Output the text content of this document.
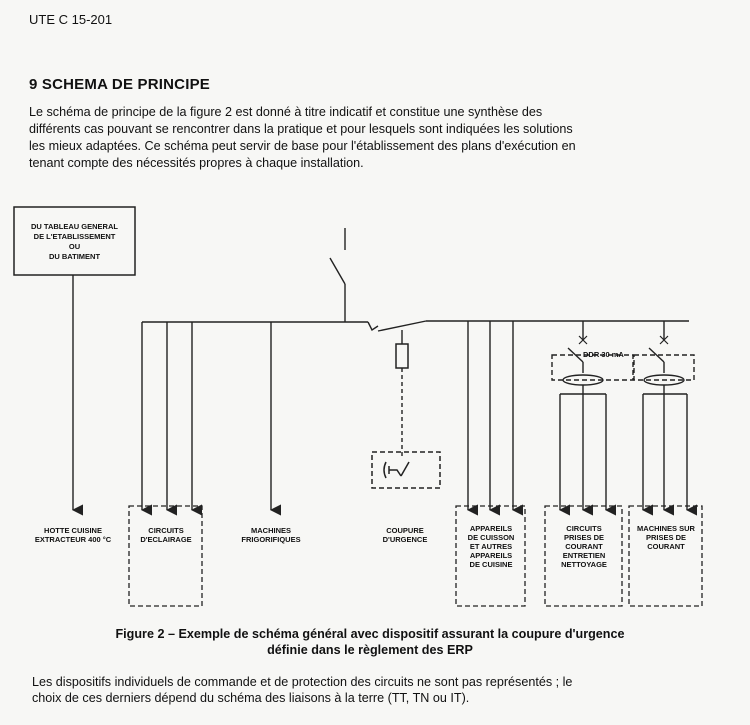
UTE C 15-201
9 SCHEMA DE PRINCIPE

Le schéma de principe de la figure 2 est donné à titre indicatif et constitue une synthèse des

différents cas pouvant se rencontrer dans la pratique et pour lesquels sont indiquées les solutions

les mieux adaptées. Ce schéma peut servir de base pour l'établissement des plans d'exécution en

tenant compte des nécessités propres à chaque installation.

DU TABLEAU GENERAL
DE L'ETABLISSEMENT
OU
DU BATIMENT
DDR 30 mA
HOTTE CUISINE
EXTRACTEUR 400 °C
CIRCUITS
D'ECLAIRAGE
MACHINES
FRIGORIFIQUES
COUPURE
D'URGENCE
APPAREILS
DE CUISSON
ET AUTRES
APPAREILS
DE CUISINE
CIRCUITS
PRISES DE
COURANT
ENTRETIEN
NETTOYAGE
MACHINES SUR
PRISES DE
COURANT
Figure 2 – Exemple de schéma général avec dispositif assurant la coupure d'urgence
définie dans le règlement des ERP
Les dispositifs individuels de commande et de protection des circuits ne sont pas représentés ; le
choix de ces derniers dépend du schéma des liaisons à la terre (TT, TN ou IT).
